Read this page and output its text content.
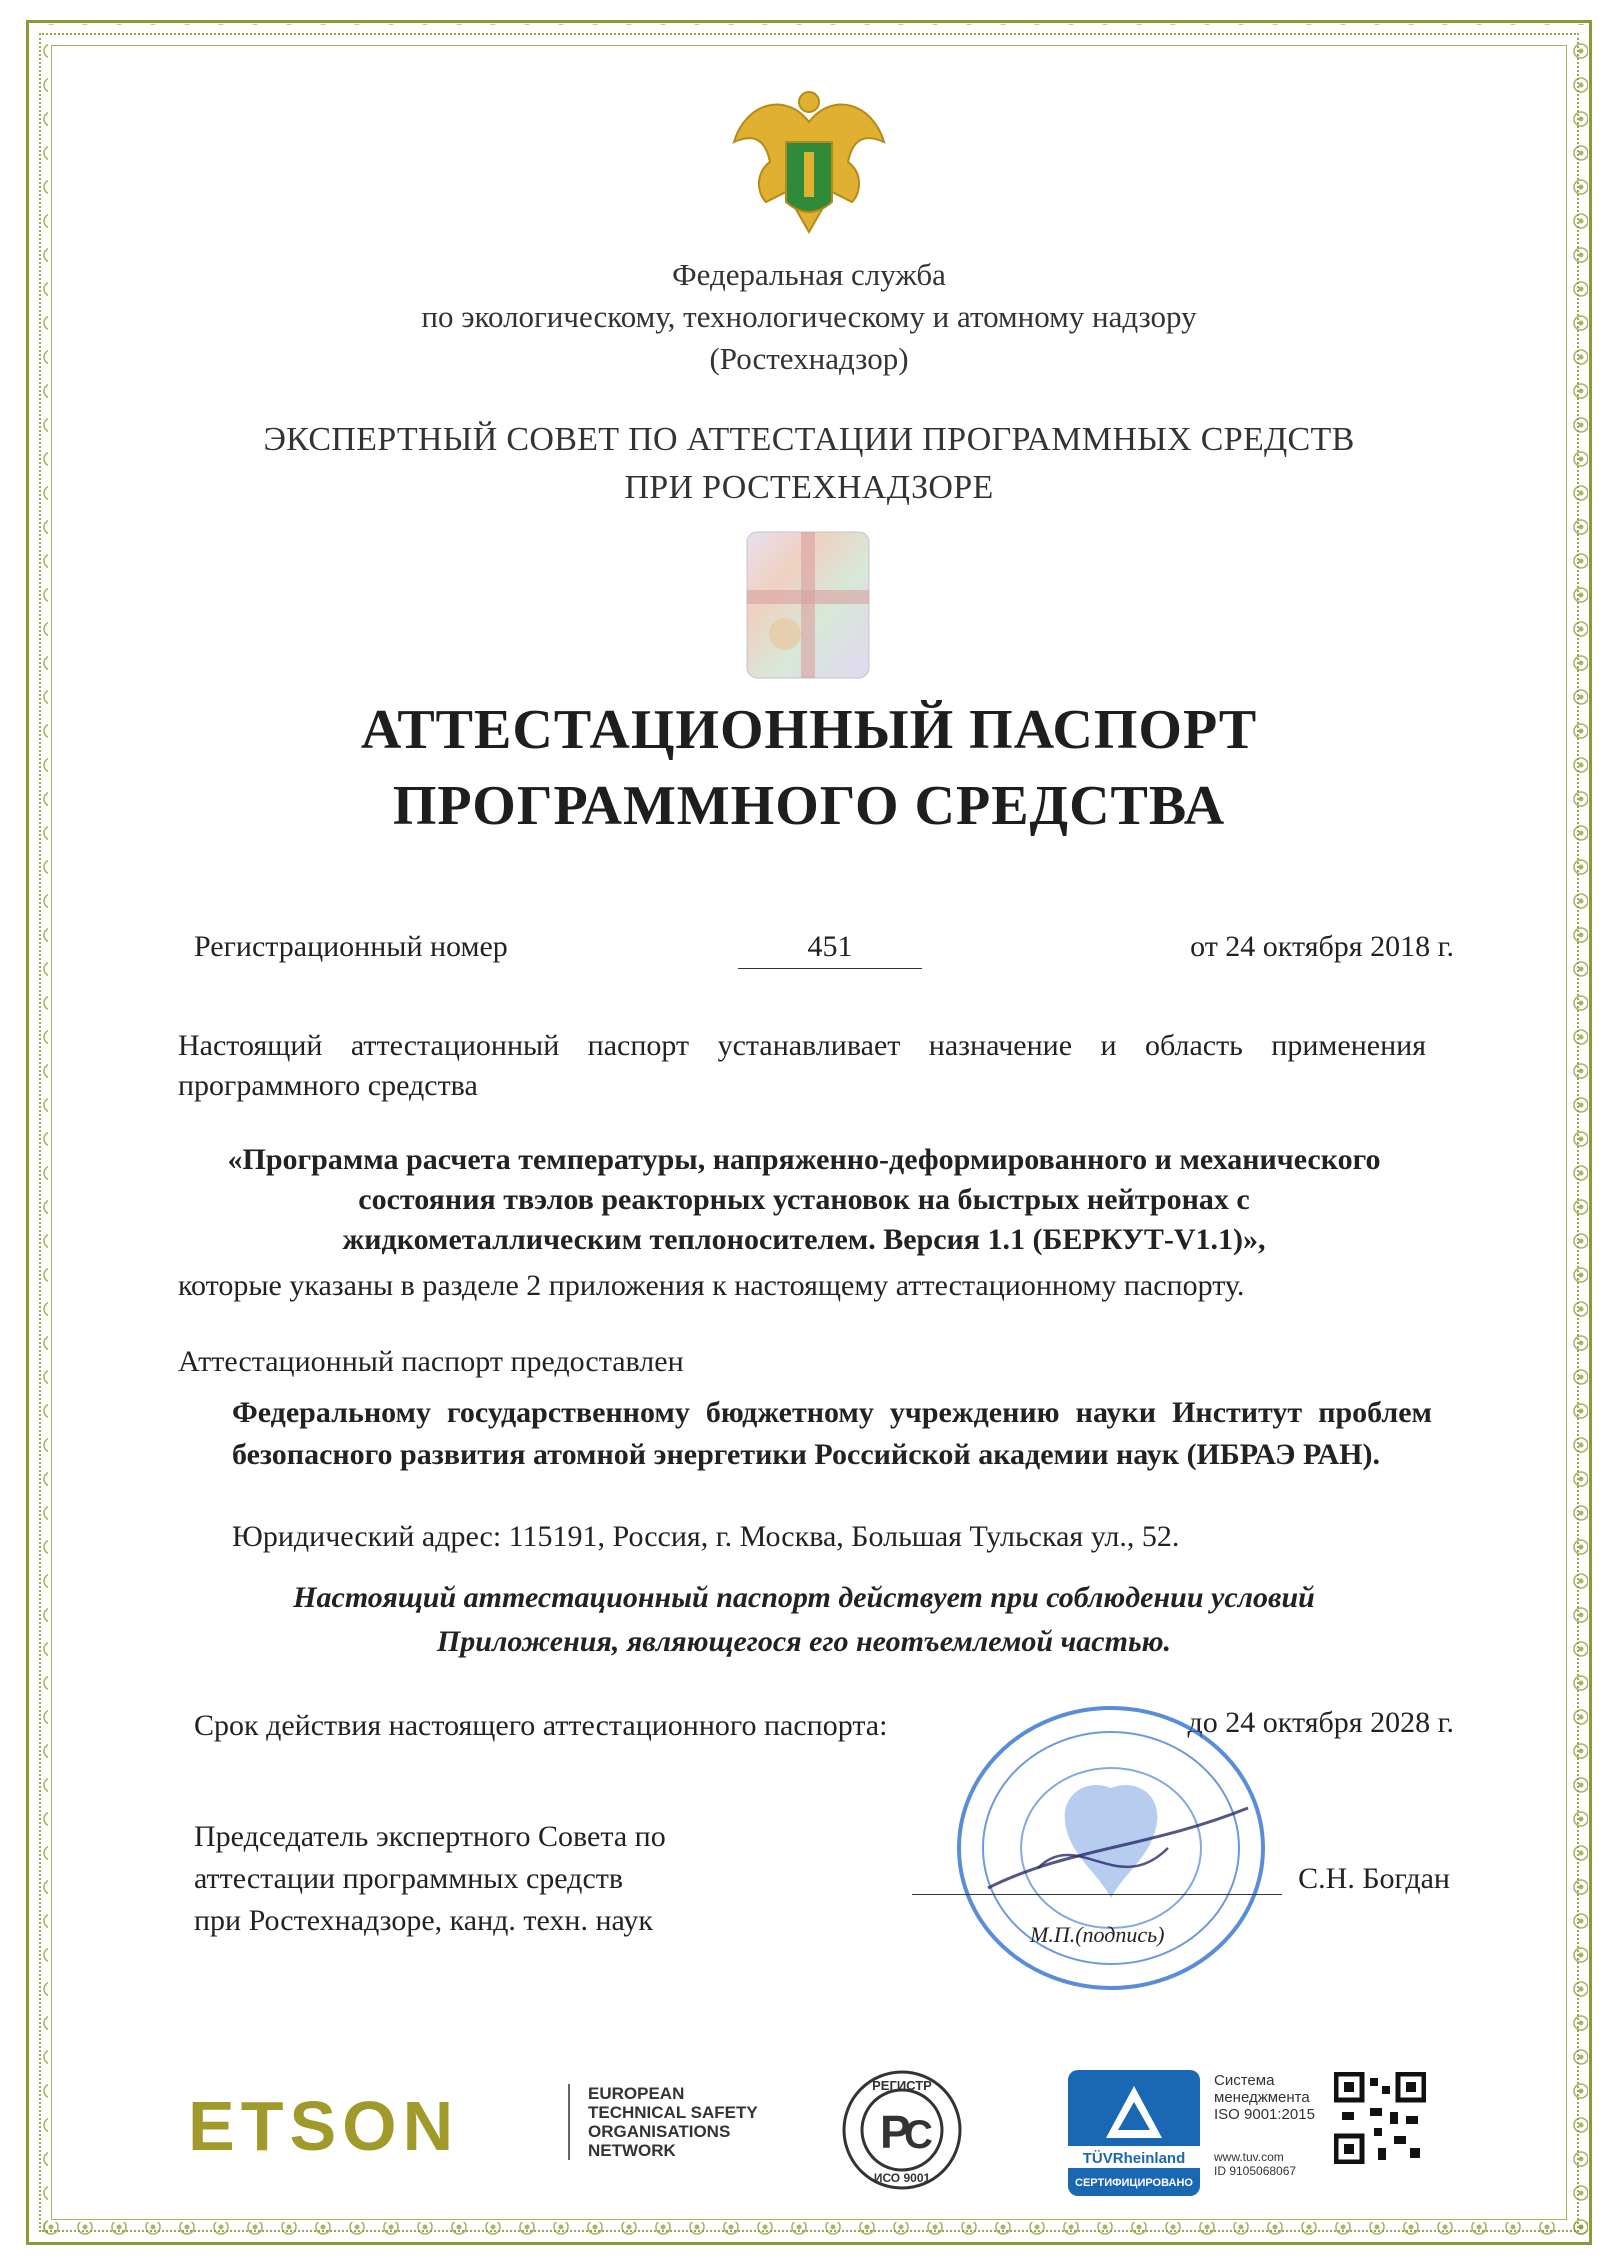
Федеральная служба
по экологическому, технологическому и атомному надзору
(Ростехнадзор)
ЭКСПЕРТНЫЙ СОВЕТ ПО АТТЕСТАЦИИ ПРОГРАММНЫХ СРЕДСТВ
ПРИ РОСТЕХНАДЗОРЕ
АТТЕСТАЦИОННЫЙ ПАСПОРТ
ПРОГРАММНОГО СРЕДСТВА
Регистрационный номер	451	от 24 октября 2018 г.
Настоящий аттестационный паспорт устанавливает назначение и область применения программного средства
«Программа расчета температуры, напряженно-деформированного и механического
состояния твэлов реакторных установок на быстрых нейтронах с
жидкометаллическим теплоносителем. Версия 1.1 (БЕРКУТ-V1.1)»,
которые указаны в разделе 2 приложения к настоящему аттестационному паспорту.
Аттестационный паспорт предоставлен
Федеральному государственному бюджетному учреждению науки Институт проблем безопасного развития атомной энергетики Российской академии наук (ИБРАЭ РАН).
Юридический адрес: 115191, Россия, г. Москва, Большая Тульская ул., 52.
Настоящий аттестационный паспорт действует при соблюдении условий
Приложения, являющегося его неотъемлемой частью.
Срок действия настоящего аттестационного паспорта:	до 24 октября 2028 г.
Председатель экспертного Совета по
аттестации программных средств
при Ростехнадзоре, канд. техн. наук
С.Н. Богдан
М.П.(подпись)
ETSON	EUROPEAN
TECHNICAL SAFETY
ORGANISATIONS
NETWORK
РЕГИСТР
ИСО 9001
Р
С
TÜVRheinland
СЕРТИФИЦИРОВАНО
Система
менеджмента
ISO 9001:2015
www.tuv.com
ID 9105068067
